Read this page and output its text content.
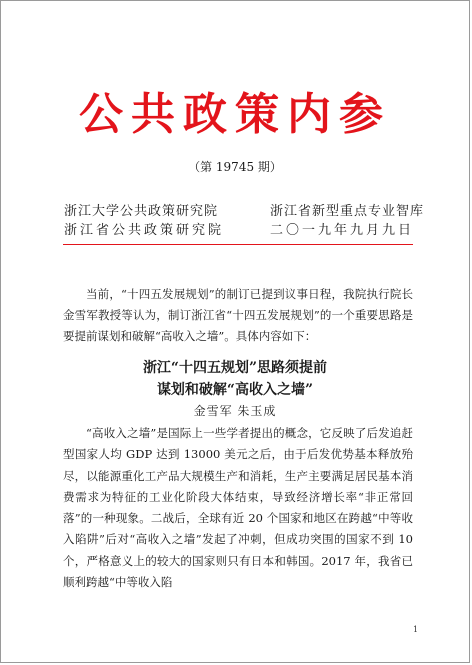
公共政策内参
（第 19745 期）
浙江大学公共政策研究院
浙江省公共政策研究院
浙江省新型重点专业智库
二〇一九年九月九日

当前，“十四五发展规划”的制订已提到议事日程，我院执行院长金雪军教授等认为，制订浙江省“十四五发展规划”的一个重要思路是要提前谋划和破解“高收入之墙”。具体内容如下：

浙江“十四五规划”思路须提前
谋划和破解“高收入之墙”
金雪军 朱玉成

“高收入之墙”是国际上一些学者提出的概念，它反映了后发追赶型国家人均 GDP 达到 13000 美元之后，由于后发优势基本释放殆尽，以能源重化工产品大规模生产和消耗，生产主要满足居民基本消费需求为特征的工业化阶段大体结束，导致经济增长率“非正常回落”的一种现象。二战后，全球有近 20 个国家和地区在跨越“中等收入陷阱”后对“高收入之墙”发起了冲刺，但成功突围的国家不到 10 个，严格意义上的较大的国家则只有日本和韩国。2017 年，我省已顺利跨越“中等收入陷

1
